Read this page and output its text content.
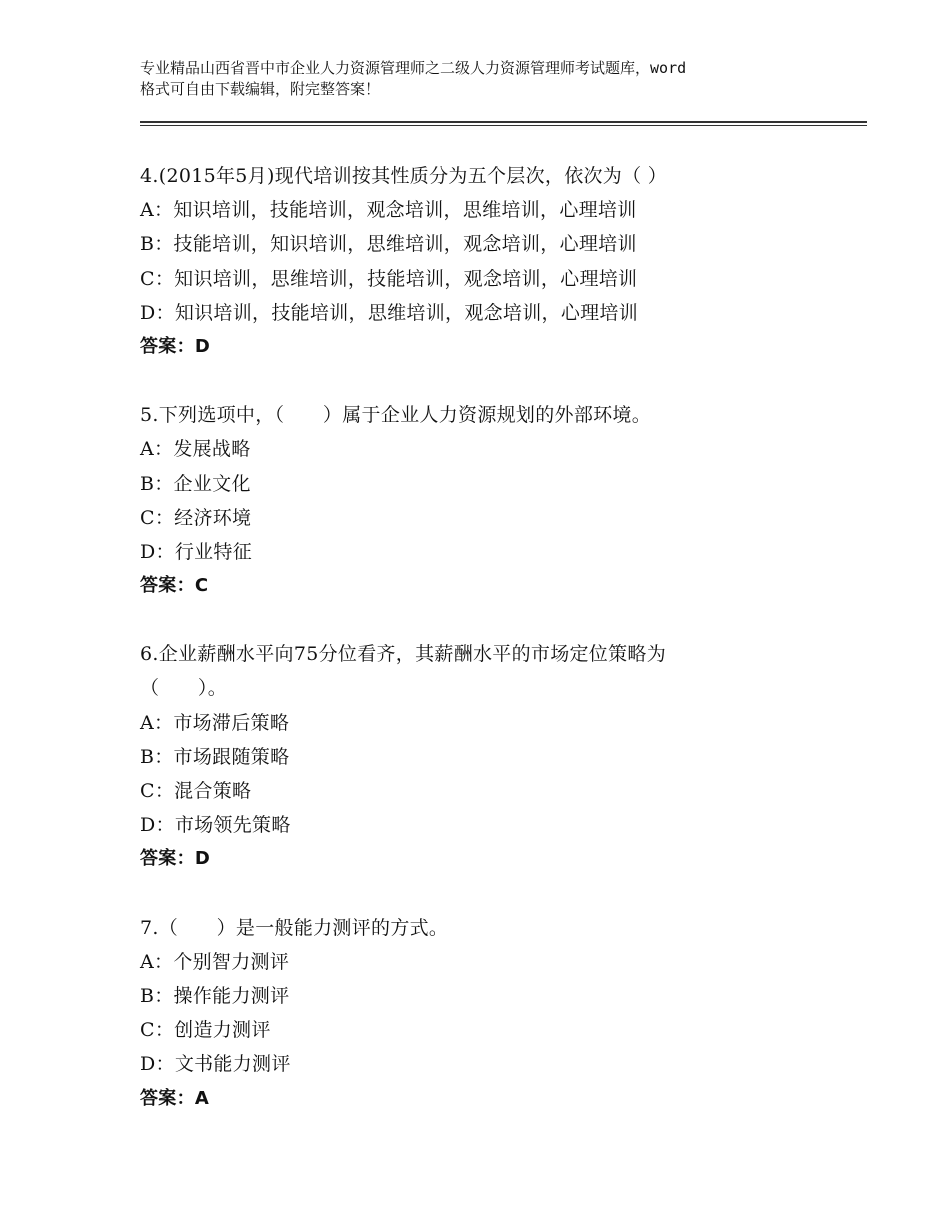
专业精品山西省晋中市企业人力资源管理师之二级人力资源管理师考试题库，word
格式可自由下载编辑，附完整答案！
4.(2015年5月)现代培训按其性质分为五个层次，依次为（ ）
A：知识培训，技能培训，观念培训，思维培训，心理培训
B：技能培训，知识培训，思维培训，观念培训，心理培训
C：知识培训，思维培训，技能培训，观念培训，心理培训
D：知识培训，技能培训，思维培训，观念培训，心理培训
答案：D
5.下列选项中，（　　）属于企业人力资源规划的外部环境。
A：发展战略
B：企业文化
C：经济环境
D：行业特征
答案：C
6.企业薪酬水平向75分位看齐，其薪酬水平的市场定位策略为
（　　）。
A：市场滞后策略
B：市场跟随策略
C：混合策略
D：市场领先策略
答案：D
7.（　　）是一般能力测评的方式。
A：个别智力测评
B：操作能力测评
C：创造力测评
D：文书能力测评
答案：A
